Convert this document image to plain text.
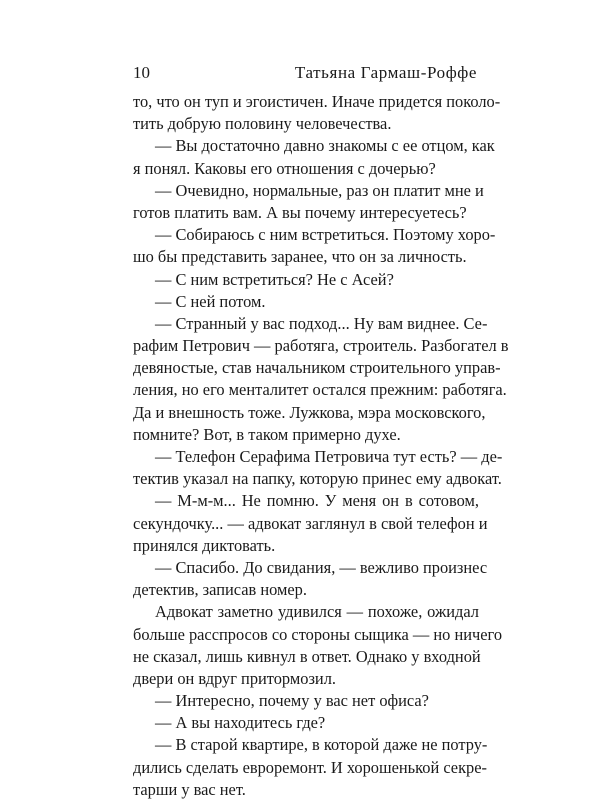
10	Татьяна Гармаш-Роффе
то, что он туп и эгоистичен. Иначе придется поколо-
тить добрую половину человечества.
— Вы достаточно давно знакомы с ее отцом, как
я понял. Каковы его отношения с дочерью?
— Очевидно, нормальные, раз он платит мне и
готов платить вам. А вы почему интересуетесь?
— Собираюсь с ним встретиться. Поэтому хоро-
шо бы представить заранее, что он за личность.
— С ним встретиться? Не с Асей?
— С ней потом.
— Странный у вас подход... Ну вам виднее. Се-
рафим Петрович — работяга, строитель. Разбогател в
девяностые, став начальником строительного управ-
ления, но его менталитет остался прежним: работяга.
Да и внешность тоже. Лужкова, мэра московского,
помните? Вот, в таком примерно духе.
— Телефон Серафима Петровича тут есть? — де-
тектив указал на папку, которую принес ему адвокат.
— М-м-м... Не помню. У меня он в сотовом,
секундочку... — адвокат заглянул в свой телефон и
принялся диктовать.
— Спасибо. До свидания, — вежливо произнес
детектив, записав номер.
Адвокат заметно удивился — похоже, ожидал
больше расспросов со стороны сыщика — но ничего
не сказал, лишь кивнул в ответ. Однако у входной
двери он вдруг притормозил.
— Интересно, почему у вас нет офиса?
— А вы находитесь где?
— В старой квартире, в которой даже не потру-
дились сделать евроремонт. И хорошенькой секре-
тарши у вас нет.
